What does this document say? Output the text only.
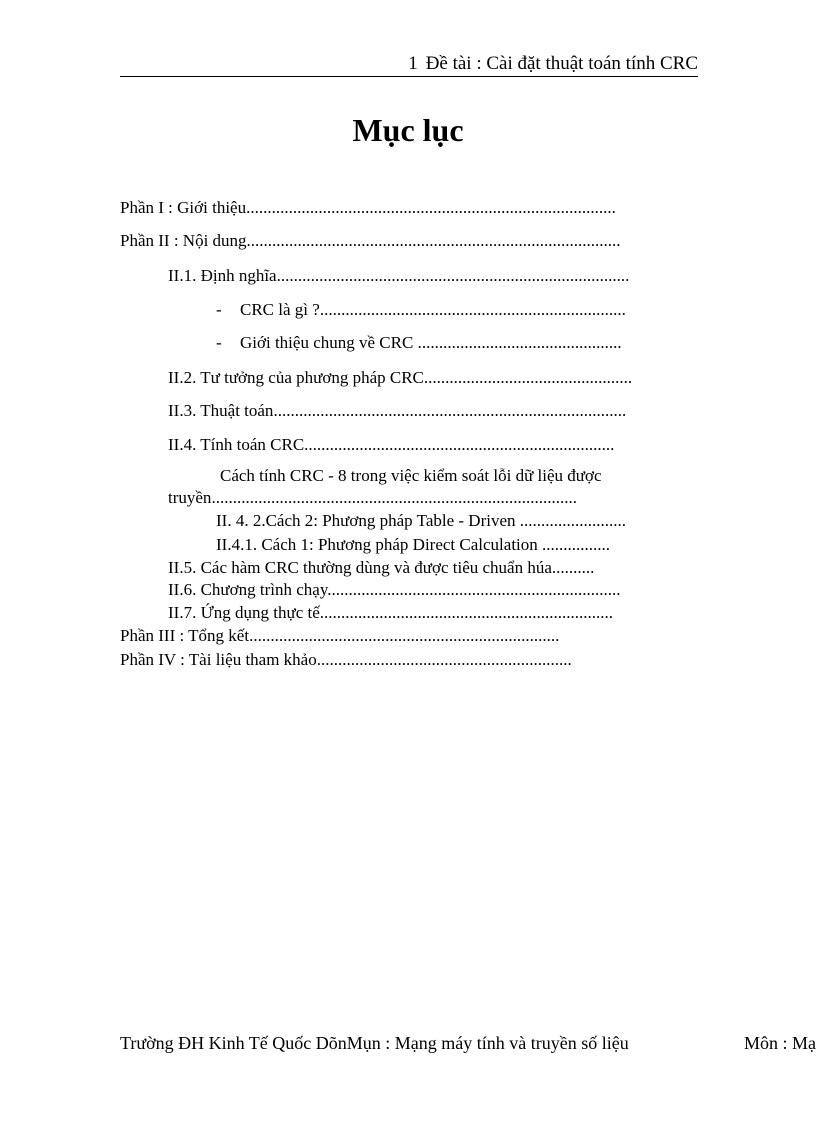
1 Đề tài : Cài đặt thuật toán tính CRC
Mục lục
Phần I : Giới thiệu.......................................................................................
Phần II : Nội dung........................................................................................
II.1. Định nghĩa...................................................................................
- CRC là gì ?........................................................................
- Giới thiệu chung về CRC ................................................
II.2. Tư tưởng của phương pháp CRC.................................................
II.3. Thuật toán...................................................................................
II.4. Tính toán CRC.........................................................................
Cách tính CRC - 8 trong việc kiểm soát lỗi dữ liệu được
truyền......................................................................................
II. 4. 2.Cách 2: Phương pháp Table - Driven .........................
II.4.1. Cách 1: Phương pháp Direct Calculation ................
II.5. Các hàm CRC thường dùng và được tiêu chuẩn húa..........
II.6. Chương trình chạy.....................................................................
II.7. Ứng dụng thực tế.....................................................................
Phần III : Tổng kết.........................................................................
Phần IV : Tài liệu tham khảo............................................................
Trường ĐH Kinh Tế Quốc DõnMụn : Mạng máy tính và truyền số liệu	Môn : Mạ
